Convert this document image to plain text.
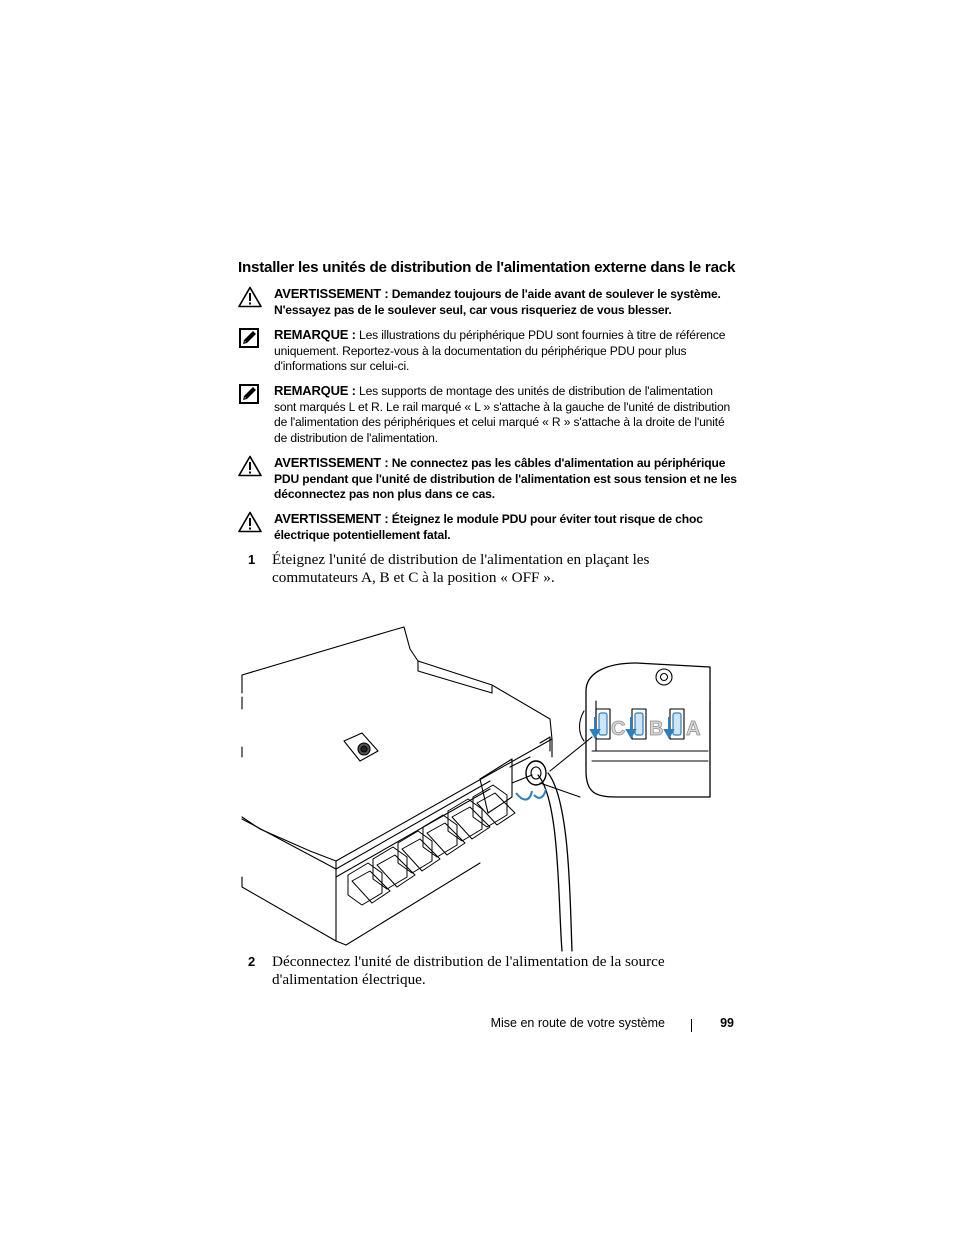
Installer les unités de distribution de l'alimentation externe dans le rack
AVERTISSEMENT : Demandez toujours de l'aide avant de soulever le système. N'essayez pas de le soulever seul, car vous risqueriez de vous blesser.
REMARQUE : Les illustrations du périphérique PDU sont fournies à titre de référence uniquement. Reportez-vous à la documentation du périphérique PDU pour plus d'informations sur celui-ci.
REMARQUE : Les supports de montage des unités de distribution de l'alimentation sont marqués L et R. Le rail marqué « L » s'attache à la gauche de l'unité de distribution de l'alimentation des périphériques et celui marqué « R » s'attache à la droite de l'unité de distribution de l'alimentation.
AVERTISSEMENT : Ne connectez pas les câbles d'alimentation au périphérique PDU pendant que l'unité de distribution de l'alimentation est sous tension et ne les déconnectez pas non plus dans ce cas.
AVERTISSEMENT : Éteignez le module PDU pour éviter tout risque de choc électrique potentiellement fatal.
1 Éteignez l'unité de distribution de l'alimentation en plaçant les commutateurs A, B et C à la position « OFF ».
C B A
2 Déconnectez l'unité de distribution de l'alimentation de la source d'alimentation électrique.
Mise en route de votre système	99
